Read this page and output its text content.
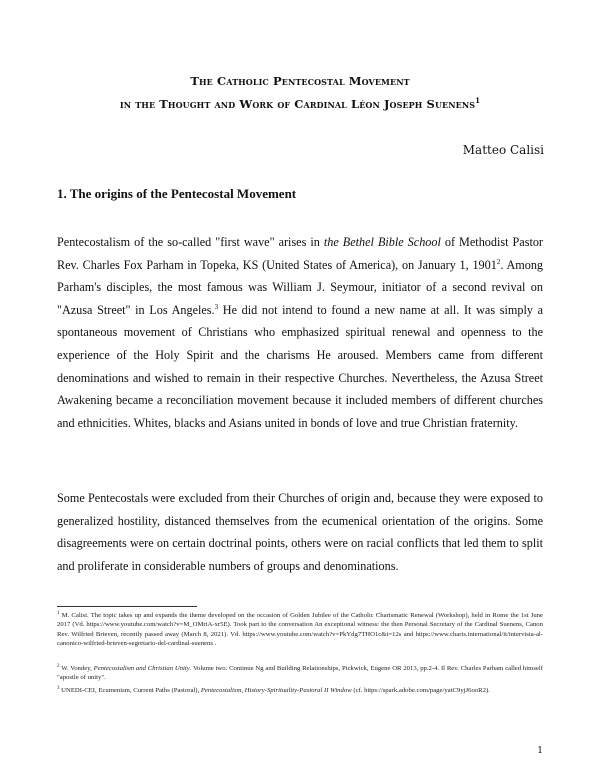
The Catholic Pentecostal Movement
in the Thought and Work of Cardinal Léon Joseph Suenens$^1$
Matteo Calisi
1. The origins of the Pentecostal Movement
Pentecostalism of the so-called "first wave" arises in the Bethel Bible School of Methodist Pastor Rev. Charles Fox Parham in Topeka, KS (United States of America), on January 1, 1901$^2$. Among Parham's disciples, the most famous was William J. Seymour, initiator of a second revival on "Azusa Street" in Los Angeles.$^3$ He did not intend to found a new name at all. It was simply a spontaneous movement of Christians who emphasized spiritual renewal and openness to the experience of the Holy Spirit and the charisms He aroused. Members came from different denominations and wished to remain in their respective Churches. Nevertheless, the Azusa Street Awakening became a reconciliation movement because it included members of different churches and ethnicities. Whites, blacks and Asians united in bonds of love and true Christian fraternity.
Some Pentecostals were excluded from their Churches of origin and, because they were exposed to generalized hostility, distanced themselves from the ecumenical orientation of the origins. Some disagreements were on certain doctrinal points, others were on racial conflicts that led them to split and proliferate in considerable numbers of groups and denominations.
$^1$ M. Calisi. The topic takes up and expands the theme developed on the occasion of Golden Jubilee of the Catholic Charismatic Renewal (Workshop), held in Rome the 1st June 2017 (Vd. https://www.youtube.com/watch?v=M_OMriA-xr5E). Took part to the conversation An exceptional witness: the then Personal Secretary of the Cardinal Suenens, Canon Rev. Wilfried Brieven, recently passed away (March 8, 2021). Vd. https://www.youtube.com/watch?v=PkYdg7THO1c&t=12s and https://www.charis.international/it/intervista-al-canonico-wilfried-brieven-segretario-del-cardinal-suenens .
$^2$ W. Vondey, Pentecostalism and Christian Unity. Volume two. Continue Ng and Building Relationships, Pickwick, Eugene OR 2013, pp.2-4. Il Rev. Charles Parham called himself "apostle of unity".
$^3$ UNEDI-CEI, Ecumenism, Current Paths (Pastoral), Pentecostalism, History-Spirituality-Pastoral II Window (cf. https://spark.adobe.com/page/yatC9yjJ6ooR2).
1
